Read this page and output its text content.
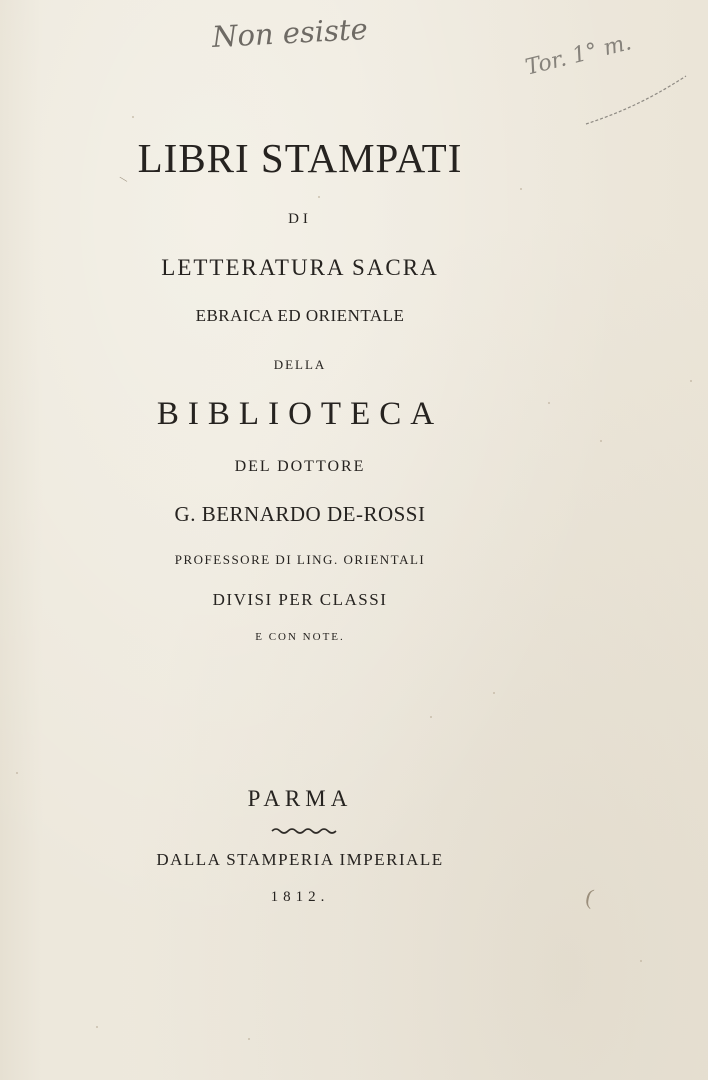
(
\
Non esiste	Tor. 1° m.
LIBRI STAMPATI
DI
LETTERATURA SACRA
EBRAICA ED ORIENTALE
DELLA
BIBLIOTECA
DEL DOTTORE
G. BERNARDO DE-ROSSI
PROFESSORE DI LING. ORIENTALI
DIVISI PER CLASSI
E CON NOTE.
PARMA
DALLA STAMPERIA IMPERIALE
1812.
